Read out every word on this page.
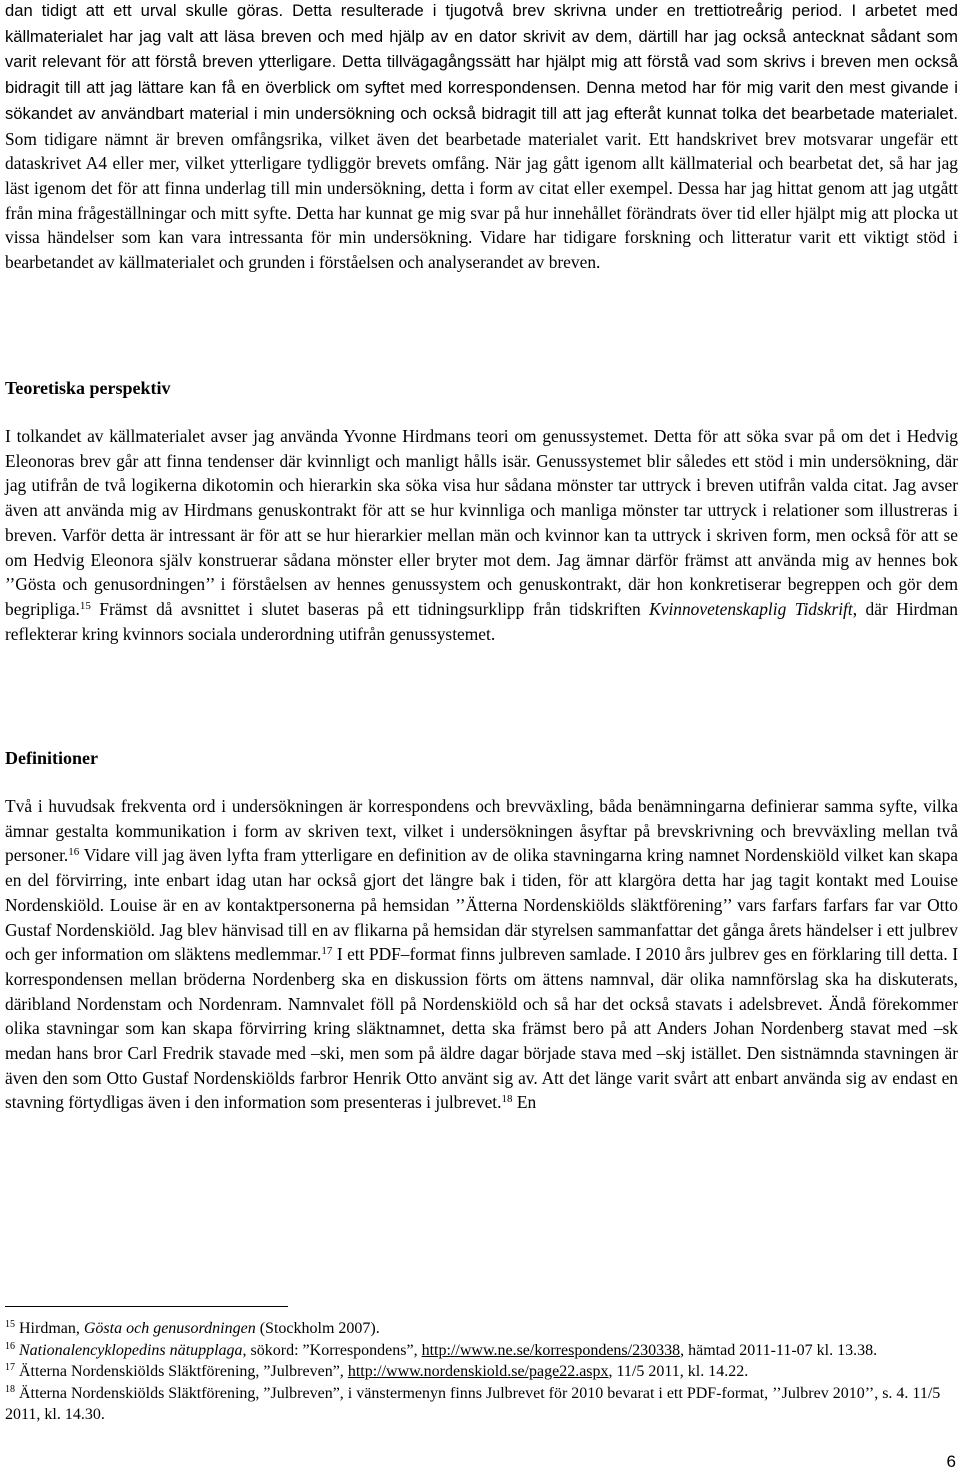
dan tidigt att ett urval skulle göras. Detta resulterade i tjugotvå brev skrivna under en trettiotreårig period. I arbetet med källmaterialet har jag valt att läsa breven och med hjälp av en dator skrivit av dem, därtill har jag också antecknat sådant som varit relevant för att förstå breven ytterligare. Detta tillvägagångssätt har hjälpt mig att förstå vad som skrivs i breven men också bidragit till att jag lättare kan få en överblick om syftet med korrespondensen. Denna metod har för mig varit den mest givande i sökandet av användbart material i min undersökning och också bidragit till att jag efteråt kunnat tolka det bearbetade materialet. Som tidigare nämnt är breven omfångsrika, vilket även det bearbetade materialet varit. Ett handskrivet brev motsvarar ungefär ett dataskrivet A4 eller mer, vilket ytterligare tydliggör brevets omfång. När jag gått igenom allt källmaterial och bearbetat det, så har jag läst igenom det för att finna underlag till min undersökning, detta i form av citat eller exempel. Dessa har jag hittat genom att jag utgått från mina frågeställningar och mitt syfte. Detta har kunnat ge mig svar på hur innehållet förändrats över tid eller hjälpt mig att plocka ut vissa händelser som kan vara intressanta för min undersökning. Vidare har tidigare forskning och litteratur varit ett viktigt stöd i bearbetandet av källmaterialet och grunden i förståelsen och analyserandet av breven.
Teoretiska perspektiv
I tolkandet av källmaterialet avser jag använda Yvonne Hirdmans teori om genussystemet. Detta för att söka svar på om det i Hedvig Eleonoras brev går att finna tendenser där kvinnligt och manligt hålls isär. Genussystemet blir således ett stöd i min undersökning, där jag utifrån de två logikerna dikotomin och hierarkin ska söka visa hur sådana mönster tar uttryck i breven utifrån valda citat. Jag avser även att använda mig av Hirdmans genuskontrakt för att se hur kvinnliga och manliga mönster tar uttryck i relationer som illustreras i breven. Varför detta är intressant är för att se hur hierarkier mellan män och kvinnor kan ta uttryck i skriven form, men också för att se om Hedvig Eleonora själv konstruerar sådana mönster eller bryter mot dem. Jag ämnar därför främst att använda mig av hennes bok ’’Gösta och genusordningen’’ i förståelsen av hennes genussystem och genuskontrakt, där hon konkretiserar begreppen och gör dem begripliga.$^{15}$ Främst då avsnittet i slutet baseras på ett tidningsurklipp från tidskriften Kvinnovetenskaplig Tidskrift, där Hirdman reflekterar kring kvinnors sociala underordning utifrån genussystemet.
Definitioner
Två i huvudsak frekventa ord i undersökningen är korrespondens och brevväxling, båda benämningarna definierar samma syfte, vilka ämnar gestalta kommunikation i form av skriven text, vilket i undersökningen åsyftar på brevskrivning och brevväxling mellan två personer.$^{16}$ Vidare vill jag även lyfta fram ytterligare en definition av de olika stavningarna kring namnet Nordenskiöld vilket kan skapa en del förvirring, inte enbart idag utan har också gjort det längre bak i tiden, för att klargöra detta har jag tagit kontakt med Louise Nordenskiöld. Louise är en av kontaktpersonerna på hemsidan ’’Ätterna Nordenskiölds släktförening’’ vars farfars farfars far var Otto Gustaf Nordenskiöld. Jag blev hänvisad till en av flikarna på hemsidan där styrelsen sammanfattar det gånga årets händelser i ett julbrev och ger information om släktens medlemmar.$^{17}$ I ett PDF–format finns julbreven samlade. I 2010 års julbrev ges en förklaring till detta. I korrespondensen mellan bröderna Nordenberg ska en diskussion förts om ättens namnval, där olika namnförslag ska ha diskuterats, däribland Nordenstam och Nordenram. Namnvalet föll på Nordenskiöld och så har det också stavats i adelsbrevet. Ändå förekommer olika stavningar som kan skapa förvirring kring släktnamnet, detta ska främst bero på att Anders Johan Nordenberg stavat med –sk medan hans bror Carl Fredrik stavade med –ski, men som på äldre dagar började stava med –skj istället. Den sistnämnda stavningen är även den som Otto Gustaf Nordenskiölds farbror Henrik Otto använt sig av. Att det länge varit svårt att enbart använda sig av endast en stavning förtydligas även i den information som presenteras i julbrevet.$^{18}$ En

$^{15}$ Hirdman, Gösta och genusordningen (Stockholm 2007).

$^{16}$ Nationalencyklopedins nätupplaga, sökord: ”Korrespondens”, http://www.ne.se/korrespondens/230338, hämtad 2011-11-07 kl. 13.38.

$^{17}$ Ätterna Nordenskiölds Släktförening, ”Julbreven”, http://www.nordenskiold.se/page22.aspx, 11/5 2011, kl. 14.22.

$^{18}$ Ätterna Nordenskiölds Släktförening, ”Julbreven”, i vänstermenyn finns Julbrevet för 2010 bevarat i ett PDF-format, ’’Julbrev 2010’’, s. 4. 11/5 2011, kl. 14.30.

6
